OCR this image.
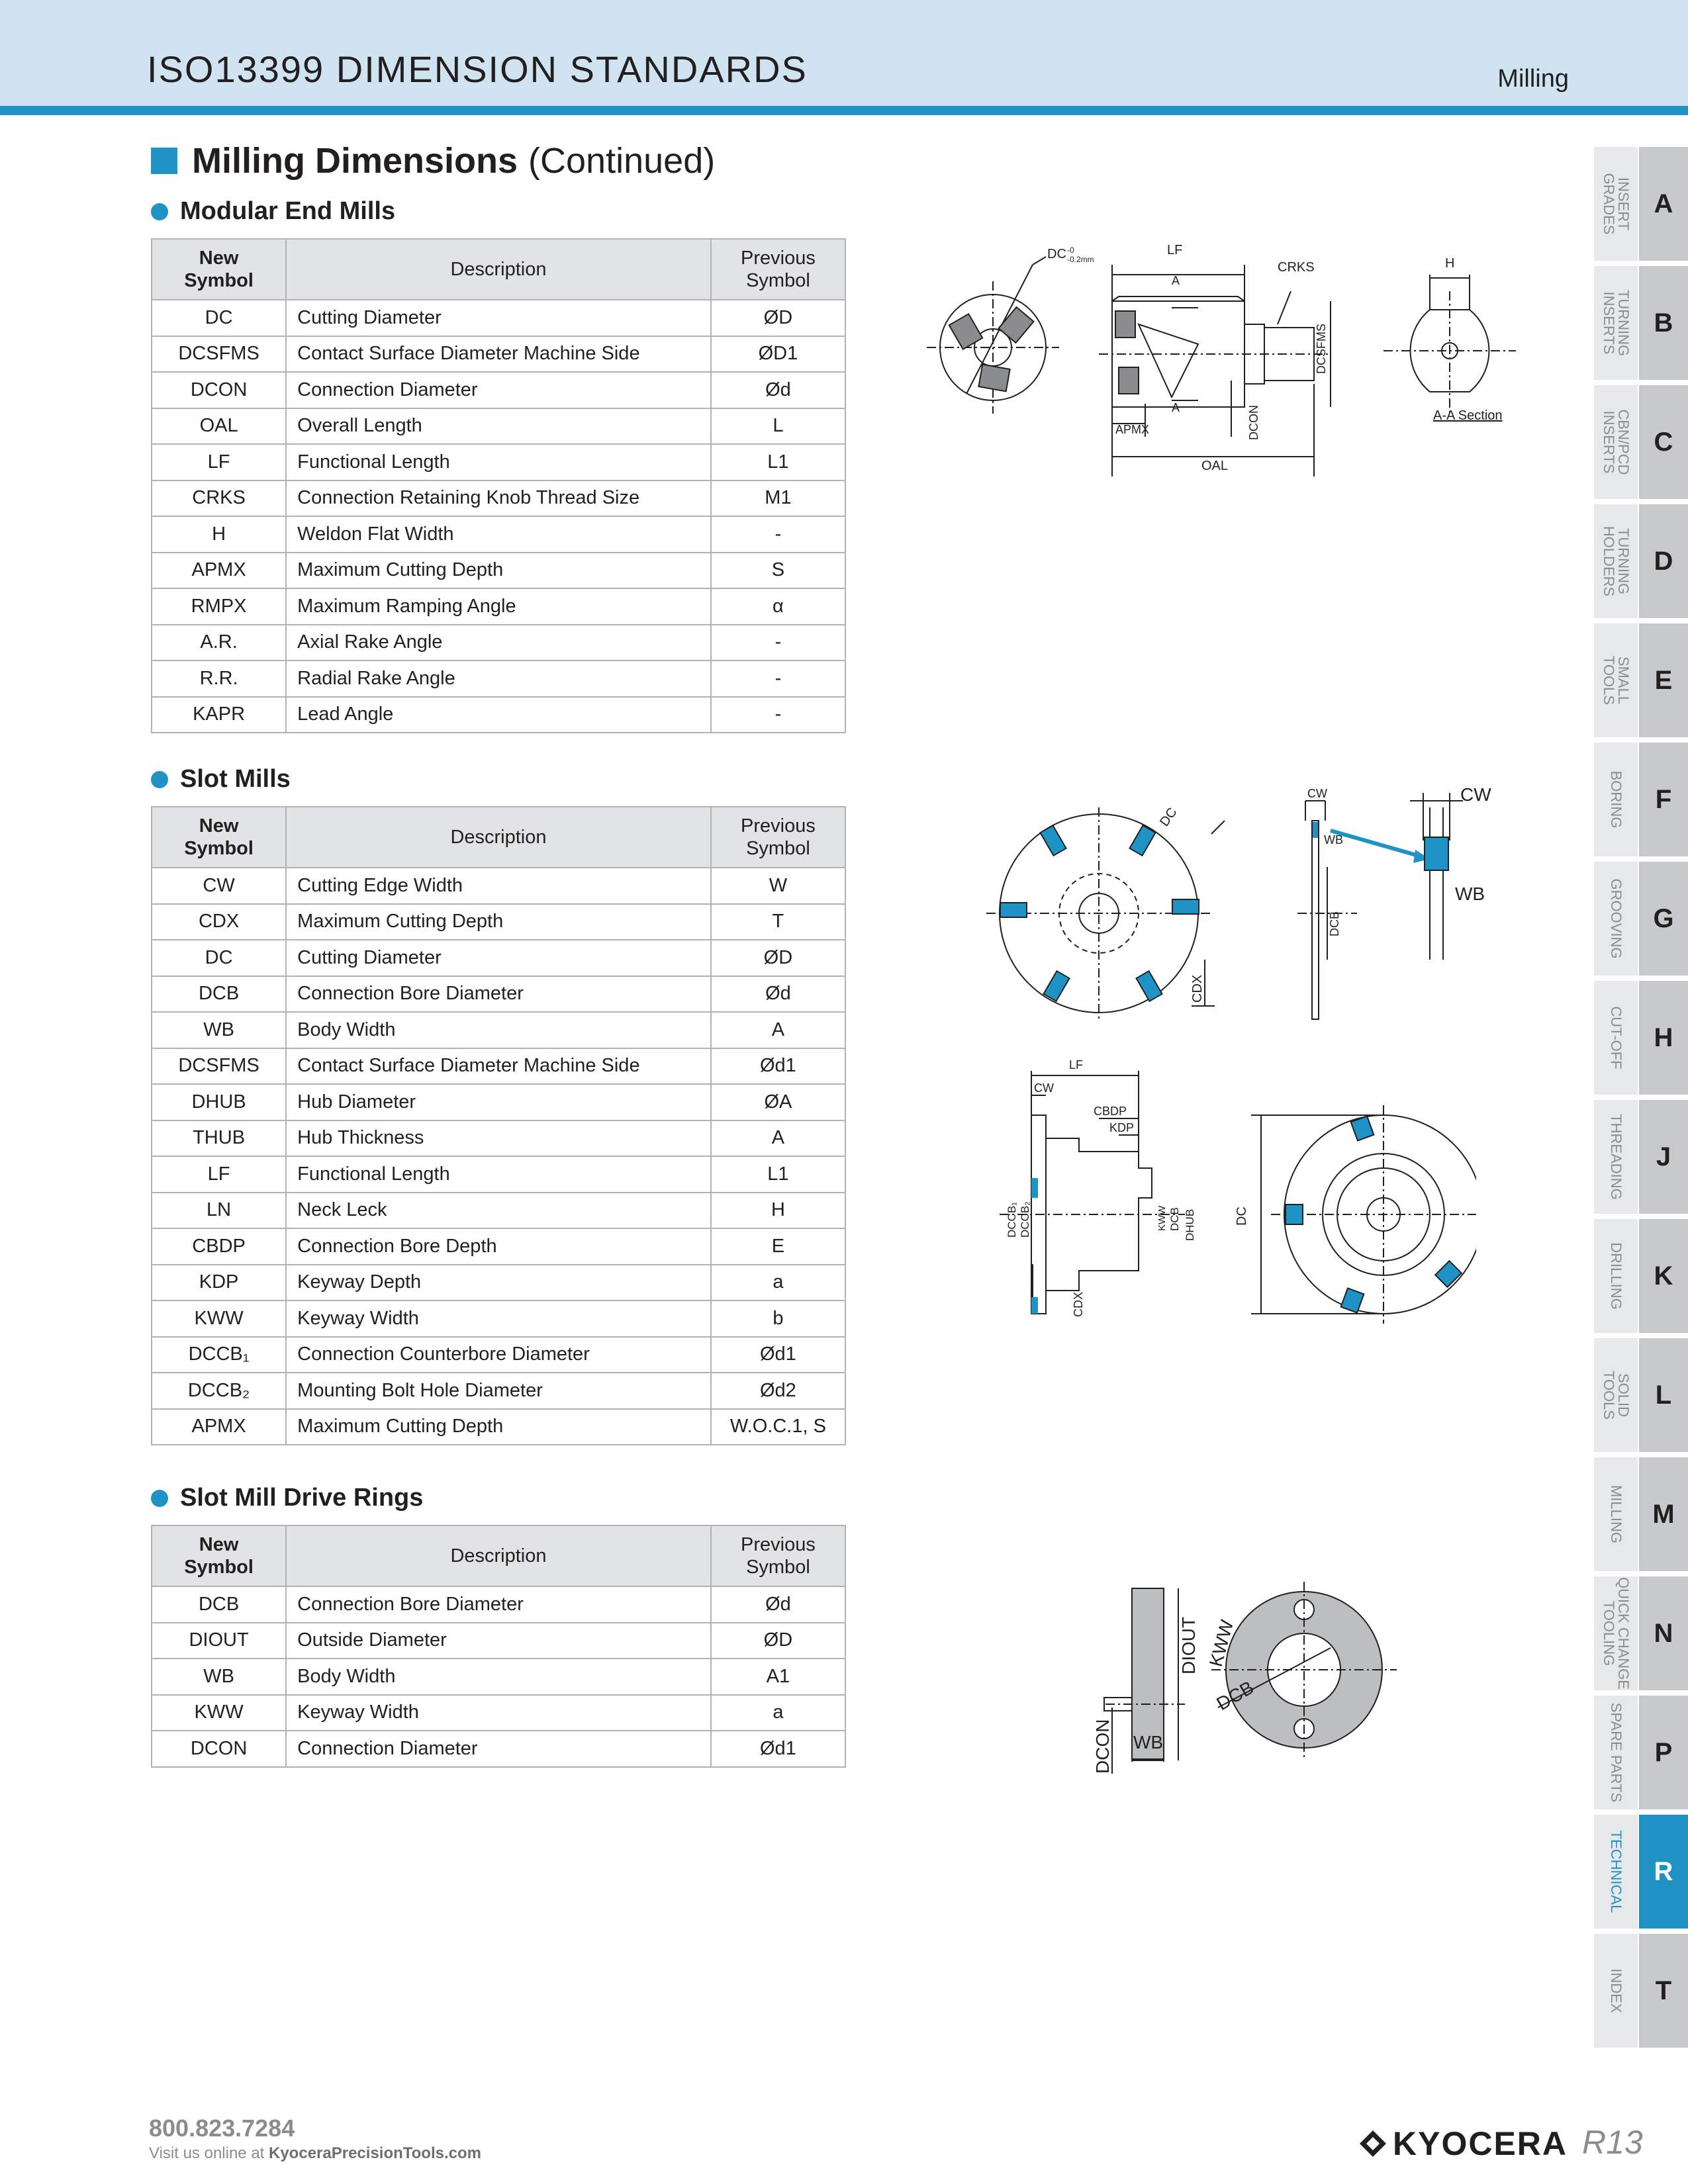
ISO13399 DIMENSION STANDARDS	Milling
Milling Dimensions (Continued)
Modular End Mills
New
Symbol	Description	Previous
Symbol
DC	Cutting Diameter	ØD
DCSFMS	Contact Surface Diameter Machine Side	ØD1
DCON	Connection Diameter	Ød
OAL	Overall Length	L
LF	Functional Length	L1
CRKS	Connection Retaining Knob Thread Size	M1
H	Weldon Flat Width	-
APMX	Maximum Cutting Depth	S
RMPX	Maximum Ramping Angle	α
A.R.	Axial Rake Angle	-
R.R.	Radial Rake Angle	-
KAPR	Lead Angle	-
Slot Mills
New
Symbol	Description	Previous
Symbol
CW	Cutting Edge Width	W
CDX	Maximum Cutting Depth	T
DC	Cutting Diameter	ØD
DCB	Connection Bore Diameter	Ød
WB	Body Width	A
DCSFMS	Contact Surface Diameter Machine Side	Ød1
DHUB	Hub Diameter	ØA
THUB	Hub Thickness	A
LF	Functional Length	L1
LN	Neck Leck	H
CBDP	Connection Bore Depth	E
KDP	Keyway Depth	a
KWW	Keyway Width	b
DCCB₁	Connection Counterbore Diameter	Ød1
DCCB₂	Mounting Bolt Hole Diameter	Ød2
APMX	Maximum Cutting Depth	W.O.C.1, S
Slot Mill Drive Rings
New
Symbol	Description	Previous
Symbol
DCB	Connection Bore Diameter	Ød
DIOUT	Outside Diameter	ØD
WB	Body Width	A1
KWW	Keyway Width	a
DCON	Connection Diameter	Ød1
DC -0
-0.2mm
LF
CRKS
A
A
APMX
OAL
DCSFMS
DCON
H
A-A Section
DC
CDX
CW
WB
DCB
CW
WB
LF
CW
CBDP
KDP
DCCB₁ DCCB₂	KWW DCB DHUB
CDX
DC
DIOUT
DCON WB
KWW
DCB
INSERT
GRADES	A
TURNING
INSERTS	B
CBN/PCD
INSERTS	C
TURNING
HOLDERS	D
SMALL
TOOLS	E
BORING F
GROOVING G
CUT-OFF H
THREADING J
DRILLING K
SOLID
TOOLS	L
MILLING M
QUICK CHANGE
TOOLING	N
SPARE PARTS P
TECHNICAL R
INDEX T
800.823.7284
Visit us online at KyoceraPrecisionTools.com	KYOCERA R13
